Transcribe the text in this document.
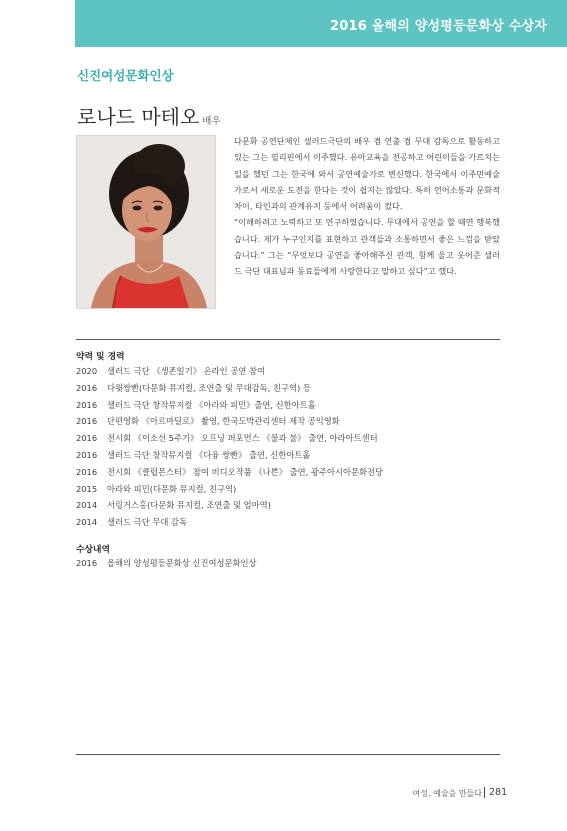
2016 올해의 양성평등문화상 수상자
신진여성문화인상
로나드 마테오 배우

다문화 공연단체인 샐러드극단의 배우 겸 연출 겸 무대 감독으로 활동하고 있는 그는 필리핀에서 이주했다. 유아교육을 전공하고 어린이들을 가르치는 일을 했던 그는 한국에 와서 공연예술가로 변신했다. 한국에서 이주민예술가로서 새로운 도전을 한다는 것이 쉽지는 않았다. 특히 언어소통과 문화적 차이, 타인과의 관계유지 등에서 어려움이 컸다.

“이해하려고 노력하고 또 연구하였습니다. 무대에서 공연을 할 때면 행복했습니다. 제가 누구인지를 표현하고 관객들과 소통하면서 좋은 느낌을 받았습니다.” 그는 “무엇보다 공연을 좋아해주신 관객, 함께 울고 웃어준 샐러드 극단 대표님과 동료들에게 사랑한다고 말하고 싶다”고 했다.

약력 및 경력
2020 샐러드 극단 《생존일기》 온라인 공연 참여
2016 다윗쌍빤(다문화 뮤지컬, 조연출 및 무대감독, 친구역) 등
2016 샐러드 극단 창작뮤지컬 《아라와 피민》출연, 신한아트홀
2016 단편영화 《아르마딜로》 촬영, 한국도박관리센터 제작 공익영화
2016 전시회 《이소선 5주기》 오프닝 퍼포먼스 《물과 불》 출연, 아라아트센터
2016 샐러드 극단 창작뮤지컬 《다융 쌍빤》 출연, 신한아트홀
2016 전시회 《클럽몬스터》 참여 비디오작품 《나쁜》 출연, 광주아시아문화전당
2015 아라와 피민(다문화 뮤지컬, 친구역)
2014 서링거스홍(다문화 뮤지컬, 조연출 및 엄마역)
2014 샐러드 극단 무대 감독
수상내역
2016 올해의 양성평등문화상 신진여성문화인상
여성, 예술을 만들다 281
